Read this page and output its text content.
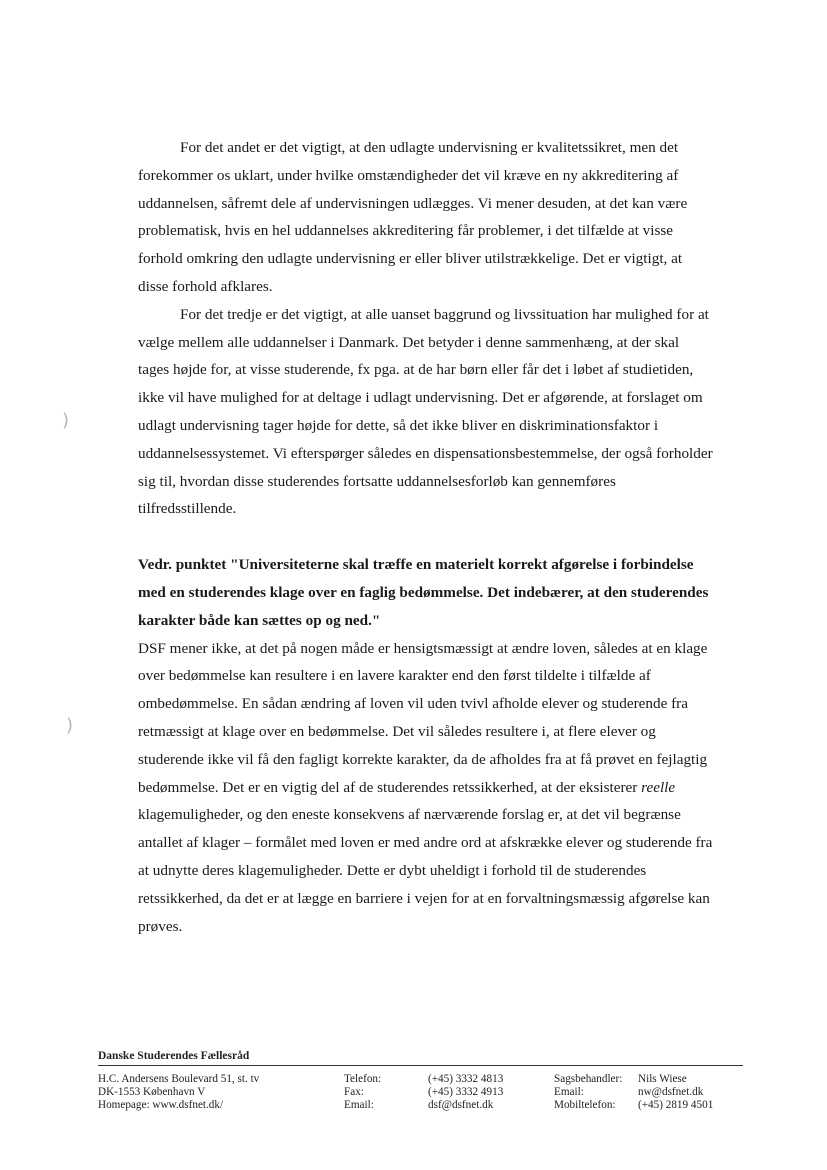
)
)

For det andet er det vigtigt, at den udlagte undervisning er kvalitetssikret, men det forekommer os uklart, under hvilke omstændigheder det vil kræve en ny akkreditering af uddannelsen, såfremt dele af undervisningen udlægges. Vi mener desuden, at det kan være problematisk, hvis en hel uddannelses akkreditering får problemer, i det tilfælde at visse forhold omkring den udlagte undervisning er eller bliver utilstrækkelige. Det er vigtigt, at disse forhold afklares.

For det tredje er det vigtigt, at alle uanset baggrund og livssituation har mulighed for at vælge mellem alle uddannelser i Danmark. Det betyder i denne sammenhæng, at der skal tages højde for, at visse studerende, fx pga. at de har børn eller får det i løbet af studietiden, ikke vil have mulighed for at deltage i udlagt undervisning. Det er afgørende, at forslaget om udlagt undervisning tager højde for dette, så det ikke bliver en diskriminationsfaktor i uddannelsessystemet. Vi efterspørger således en dispensationsbestemmelse, der også forholder sig til, hvordan disse studerendes fortsatte uddannelsesforløb kan gennemføres tilfredsstillende.

Vedr. punktet "Universiteterne skal træffe en materielt korrekt afgørelse i forbindelse med en studerendes klage over en faglig bedømmelse. Det indebærer, at den studerendes karakter både kan sættes op og ned."

DSF mener ikke, at det på nogen måde er hensigtsmæssigt at ændre loven, således at en klage over bedømmelse kan resultere i en lavere karakter end den først tildelte i tilfælde af ombedømmelse. En sådan ændring af loven vil uden tvivl afholde elever og studerende fra retmæssigt at klage over en bedømmelse. Det vil således resultere i, at flere elever og studerende ikke vil få den fagligt korrekte karakter, da de afholdes fra at få prøvet en fejlagtig bedømmelse. Det er en vigtig del af de studerendes retssikkerhed, at der eksisterer reelle klagemuligheder, og den eneste konsekvens af nærværende forslag er, at det vil begrænse antallet af klager – formålet med loven er med andre ord at afskrække elever og studerende fra at udnytte deres klagemuligheder. Dette er dybt uheldigt i forhold til de studerendes retssikkerhed, da det er at lægge en barriere i vejen for at en forvaltningsmæssig afgørelse kan prøves.

Danske Studerendes Fællesråd
H.C. Andersens Boulevard 51, st. tv
DK-1553 København V
Homepage: www.dsfnet.dk/
Telefon:
Fax:
Email:
(+45) 3332 4813
(+45) 3332 4913
dsf@dsfnet.dk
Sagsbehandler:
Email:
Mobiltelefon:
Nils Wiese
nw@dsfnet.dk
(+45) 2819 4501
